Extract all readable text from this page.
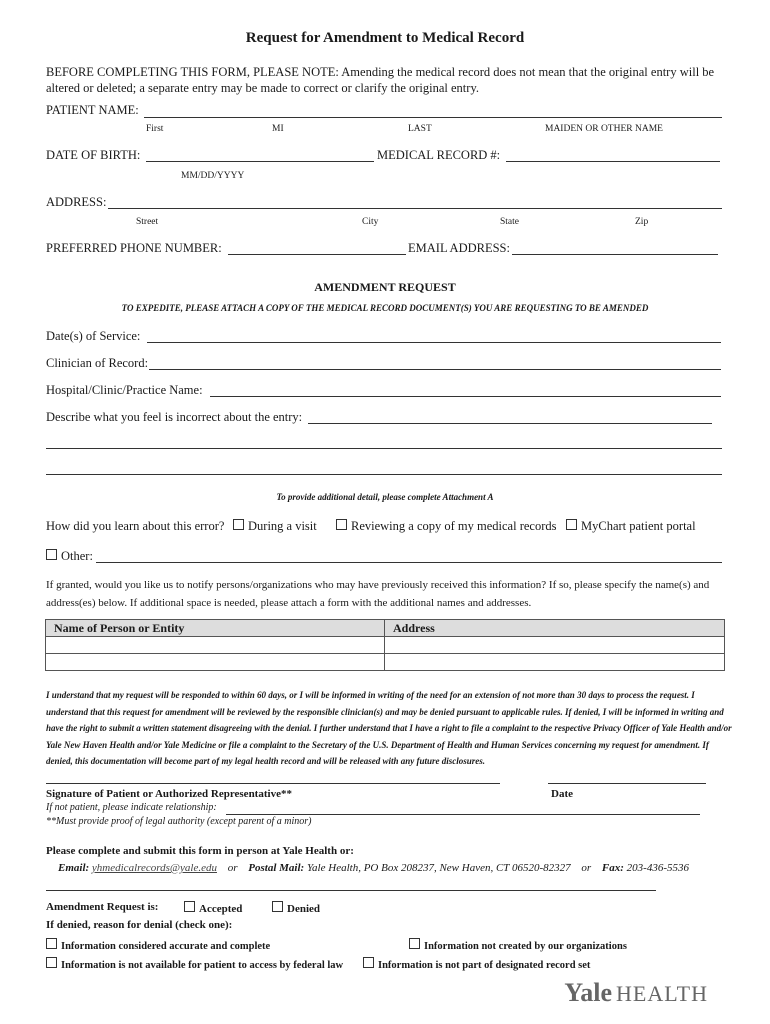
Request for Amendment to Medical Record
BEFORE COMPLETING THIS FORM, PLEASE NOTE: Amending the medical record does not mean that the original entry will be altered or deleted; a separate entry may be made to correct or clarify the original entry.
PATIENT NAME:
First	MI	LAST	MAIDEN OR OTHER NAME
DATE OF BIRTH:	MEDICAL RECORD #:
MM/DD/YYYY
ADDRESS:
Street	City	State	Zip
PREFERRED PHONE NUMBER:	EMAIL ADDRESS:
AMENDMENT REQUEST
TO EXPEDITE, PLEASE ATTACH A COPY OF THE MEDICAL RECORD DOCUMENT(S) YOU ARE REQUESTING TO BE AMENDED
Date(s) of Service:
Clinician of Record:
Hospital/Clinic/Practice Name:
Describe what you feel is incorrect about the entry:
To provide additional detail, please complete Attachment A
How did you learn about this error?	During a visit	Reviewing a copy of my medical records	MyChart patient portal
Other:
If granted, would you like us to notify persons/organizations who may have previously received this information? If so, please specify the name(s) and address(es) below. If additional space is needed, please attach a form with the additional names and addresses.
Name of Person or Entity	Address

I understand that my request will be responded to within 60 days, or I will be informed in writing of the need for an extension of not more than 30 days to process the request. I understand that this request for amendment will be reviewed by the responsible clinician(s) and may be denied pursuant to applicable rules. If denied, I will be informed in writing and have the right to submit a written statement disagreeing with the denial. I further understand that I have a right to file a complaint to the respective Privacy Officer of Yale Health and/or Yale New Haven Health and/or Yale Medicine or file a complaint to the Secretary of the U.S. Department of Health and Human Services concerning my request for amendment. If denied, this documentation will become part of my legal health record and will be released with any future disclosures.
Signature of Patient or Authorized Representative**	Date
If not patient, please indicate relationship:
**Must provide proof of legal authority (except parent of a minor)
Please complete and submit this form in person at Yale Health or:
Email: yhmedicalrecords@yale.edu or Postal Mail: Yale Health, PO Box 208237, New Haven, CT 06520-82327 or Fax: 203-436-5536
Amendment Request is:	Accepted	Denied
If denied, reason for denial (check one):
Information considered accurate and complete	Information not created by our organizations
Information is not available for patient to access by federal law	Information is not part of designated record set
Yale HEALTH
